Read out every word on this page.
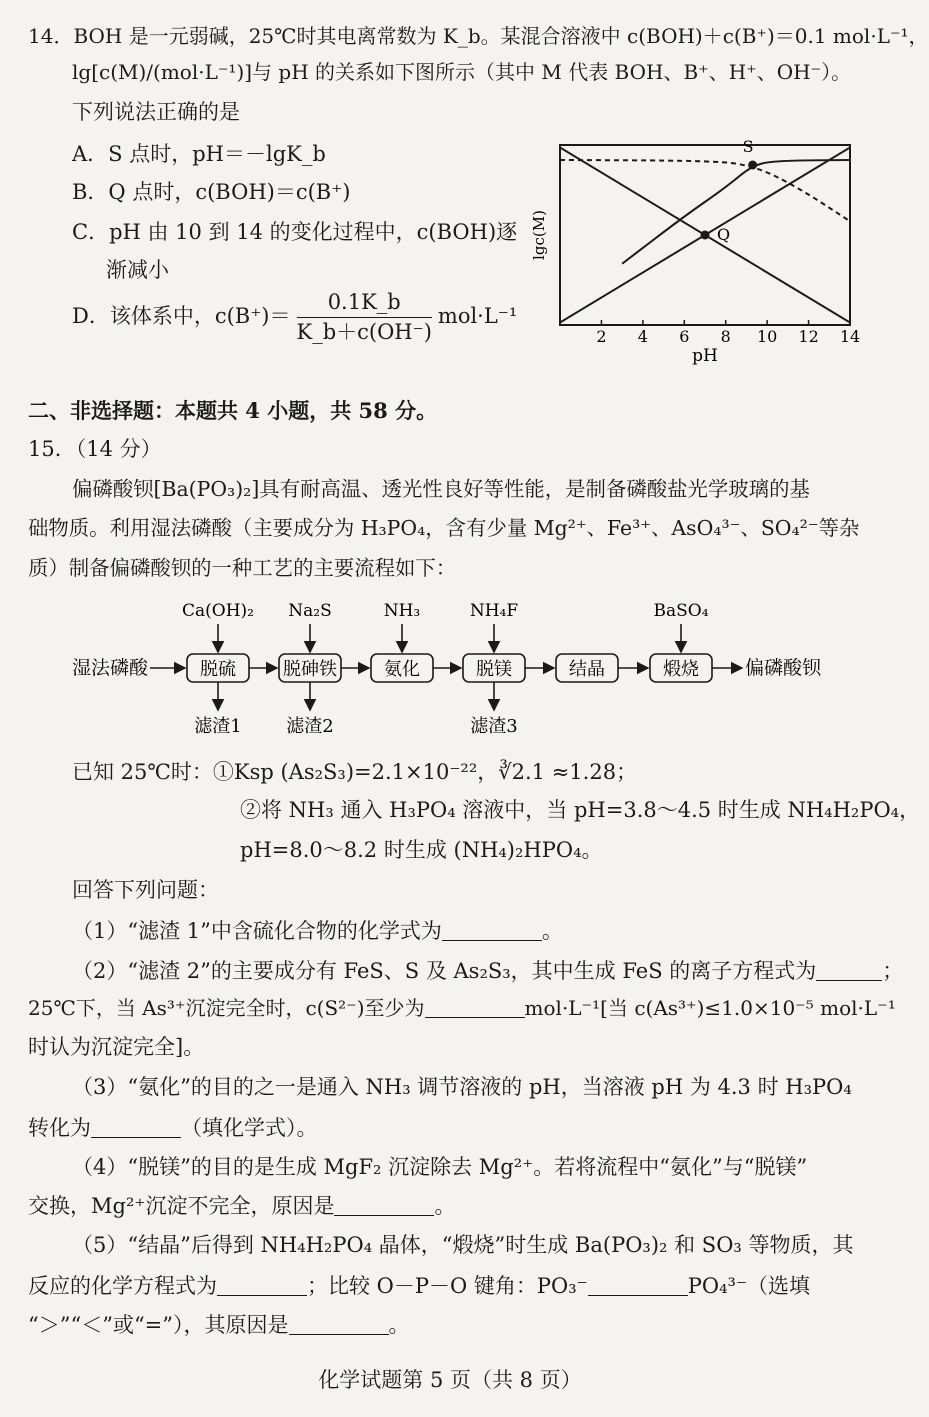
14．BOH 是一元弱碱，25℃时其电离常数为 K_b。某混合溶液中 c(BOH)＋c(B⁺)＝0.1 mol·L⁻¹，
lg[c(M)/(mol·L⁻¹)]与 pH 的关系如下图所示（其中 M 代表 BOH、B⁺、H⁺、OH⁻）。
下列说法正确的是
A．S 点时，pH＝－lgK_b
B．Q 点时，c(BOH)＝c(B⁺)
C．pH 由 10 到 14 的变化过程中，c(BOH)逐
渐减小
D．该体系中，$c(B^+)= \frac{0.1K\_b}{K\_b+c(OH^-)} mol\cdot L^{-1}$
2 4 6 8 10 12 14
lgc(M)
pH
S
Q
二、非选择题：本题共 4 小题，共 58 分。
15．（14 分）
偏磷酸钡[Ba(PO₃)₂]具有耐高温、透光性良好等性能，是制备磷酸盐光学玻璃的基
础物质。利用湿法磷酸（主要成分为 H₃PO₄，含有少量 Mg²⁺、Fe³⁺、AsO₄³⁻、SO₄²⁻等杂
质）制备偏磷酸钡的一种工艺的主要流程如下：
湿法磷酸	偏磷酸钡
脱硫
Ca(OH)₂
滤渣1
脱砷铁
Na₂S
滤渣2
氨化
NH₃
脱镁
NH₄F
滤渣3
结晶	煅烧
BaSO₄
已知 25℃时：①Ksp (As₂S₃)=2.1×10⁻²²，∛2.1 ≈1.28；
②将 NH₃ 通入 H₃PO₄ 溶液中，当 pH=3.8～4.5 时生成 NH₄H₂PO₄，
pH=8.0～8.2 时生成 (NH₄)₂HPO₄。
回答下列问题：
（1）“滤渣 1”中含硫化合物的化学式为	。
（2）“滤渣 2”的主要成分有 FeS、S 及 As₂S₃，其中生成 FeS 的离子方程式为	；
25℃下，当 As³⁺沉淀完全时，c(S²⁻)至少为	mol·L⁻¹[当 c(As³⁺)≤1.0×10⁻⁵ mol·L⁻¹
时认为沉淀完全]。
（3）“氨化”的目的之一是通入 NH₃ 调节溶液的 pH，当溶液 pH 为 4.3 时 H₃PO₄
转化为	（填化学式）。
（4）“脱镁”的目的是生成 MgF₂ 沉淀除去 Mg²⁺。若将流程中“氨化”与“脱镁”
交换，Mg²⁺沉淀不完全，原因是	。
（5）“结晶”后得到 NH₄H₂PO₄ 晶体，“煅烧”时生成 Ba(PO₃)₂ 和 SO₃ 等物质，其
反应的化学方程式为	；比较 O－P－O 键角：PO₃⁻	PO₄³⁻（选填
“＞”“＜”或“=”），其原因是	。
化学试题第 5 页（共 8 页）
